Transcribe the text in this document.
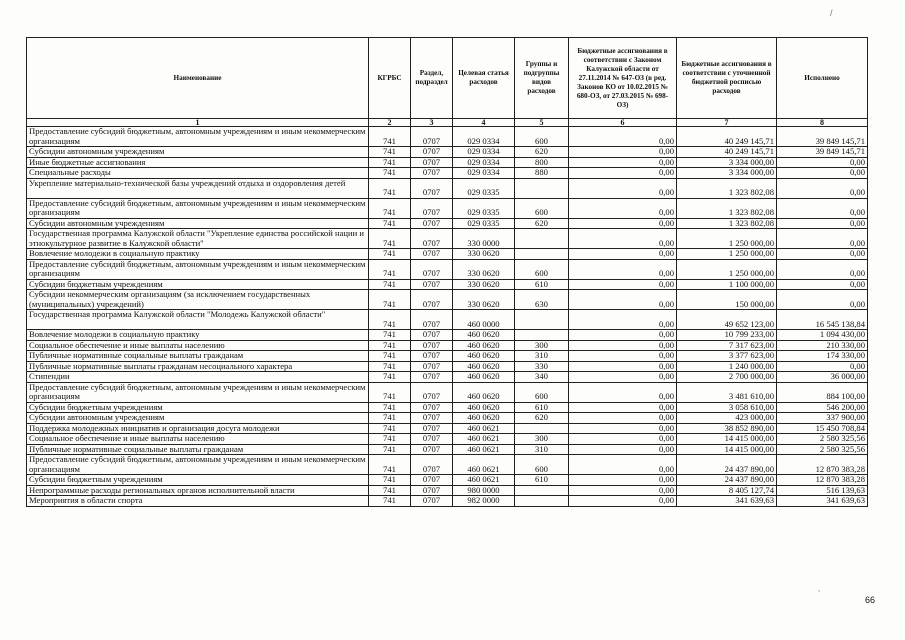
Наименование	КГРБС	Раздел, подраздел	Целевая статья расходов	Группы и подгруппы видов расходов	Бюджетные ассигнования в соответствии с Законом Калужской области от 27.11.2014 № 647-ОЗ (в ред. Законов КО от 10.02.2015 № 680-ОЗ, от 27.03.2015 № 698-ОЗ)	Бюджетные ассигнования в соответствии с уточненной бюджетной росписью расходов	Исполнено
1	2	3	4	5	6	7	8
Предоставление субсидий бюджетным, автономным учреждениям и иным некоммерческим организациям	741	0707	029 0334	600	0,00	40 249 145,71	39 849 145,71
Субсидии автономным учреждениям	741	0707	029 0334	620	0,00	40 249 145,71	39 849 145,71
Иные бюджетные ассигнования	741	0707	029 0334	800	0,00	3 334 000,00	0,00
Специальные расходы	741	0707	029 0334	880	0,00	3 334 000,00	0,00
Укрепление материально-технической базы учреждений отдыха и оздоровления детей	741	0707	029 0335		0,00	1 323 802,08	0,00
Предоставление субсидий бюджетным, автономным учреждениям и иным некоммерческим организациям	741	0707	029 0335	600	0,00	1 323 802,08	0,00
Субсидии автономным учреждениям	741	0707	029 0335	620	0,00	1 323 802,08	0,00
Государственная программа Калужской области "Укрепление единства российской нации и этнокультурное развитие в Калужской области"	741	0707	330 0000		0,00	1 250 000,00	0,00
Вовлечение молодежи в социальную практику	741	0707	330 0620		0,00	1 250 000,00	0,00
Предоставление субсидий бюджетным, автономным учреждениям и иным некоммерческим организациям	741	0707	330 0620	600	0,00	1 250 000,00	0,00
Субсидии бюджетным учреждениям	741	0707	330 0620	610	0,00	1 100 000,00	0,00
Субсидии некоммерческим организациям (за исключением государственных (муниципальных) учреждений)	741	0707	330 0620	630	0,00	150 000,00	0,00
Государственная программа Калужской области "Молодежь Калужской области"	741	0707	460 0000		0,00	49 652 123,00	16 545 138,84
Вовлечение молодежи в социальную практику	741	0707	460 0620		0,00	10 799 233,00	1 094 430,00
Социальное обеспечение и иные выплаты населению	741	0707	460 0620	300	0,00	7 317 623,00	210 330,00
Публичные нормативные социальные выплаты гражданам	741	0707	460 0620	310	0,00	3 377 623,00	174 330,00
Публичные нормативные выплаты гражданам несоциального характера	741	0707	460 0620	330	0,00	1 240 000,00	0,00
Стипендии	741	0707	460 0620	340	0,00	2 700 000,00	36 000,00
Предоставление субсидий бюджетным, автономным учреждениям и иным некоммерческим организациям	741	0707	460 0620	600	0,00	3 481 610,00	884 100,00
Субсидии бюджетным учреждениям	741	0707	460 0620	610	0,00	3 058 610,00	546 200,00
Субсидии автономным учреждениям	741	0707	460 0620	620	0,00	423 000,00	337 900,00
Поддержка молодежных инициатив и организация досуга молодежи	741	0707	460 0621		0,00	38 852 890,00	15 450 708,84
Социальное обеспечение и иные выплаты населению	741	0707	460 0621	300	0,00	14 415 000,00	2 580 325,56
Публичные нормативные социальные выплаты гражданам	741	0707	460 0621	310	0,00	14 415 000,00	2 580 325,56
Предоставление субсидий бюджетным, автономным учреждениям и иным некоммерческим организациям	741	0707	460 0621	600	0,00	24 437 890,00	12 870 383,28
Субсидии бюджетным учреждениям	741	0707	460 0621	610	0,00	24 437 890,00	12 870 383,28
Непрограммные расходы региональных органов исполнительной власти	741	0707	980 0000		0,00	8 405 127,74	516 139,63
Мероприятия в области спорта	741	0707	982 0000		0,00	341 639,63	341 639,63
/
ʼ
66
